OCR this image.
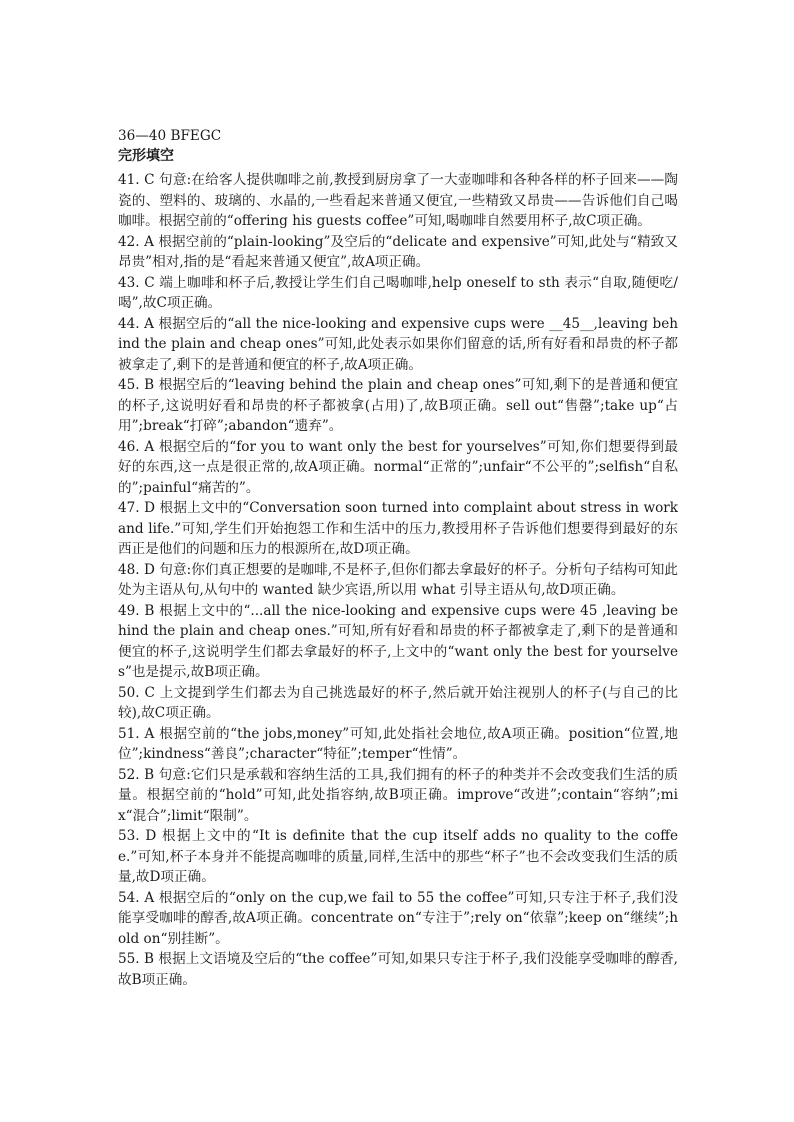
36—40 BFEGC

完形填空

41. C 句意:在给客人提供咖啡之前,教授到厨房拿了一大壶咖啡和各种各样的杯子回来——陶瓷的、塑料的、玻璃的、水晶的,一些看起来普通又便宜,一些精致又昂贵——告诉他们自己喝咖啡。根据空前的“offering his guests coffee”可知,喝咖啡自然要用杯子,故C项正确。

42. A 根据空前的“plain-looking”及空后的“delicate and expensive”可知,此处与“精致又昂贵”相对,指的是“看起来普通又便宜”,故A项正确。

43. C 端上咖啡和杯子后,教授让学生们自己喝咖啡,help oneself to sth 表示“自取,随便吃/喝”,故C项正确。

44. A 根据空后的“all the nice-looking and expensive cups were __45__,leaving behind the plain and cheap ones”可知,此处表示如果你们留意的话,所有好看和昂贵的杯子都被拿走了,剩下的是普通和便宜的杯子,故A项正确。

45. B 根据空后的“leaving behind the plain and cheap ones”可知,剩下的是普通和便宜的杯子,这说明好看和昂贵的杯子都被拿(占用)了,故B项正确。sell out“售罄”;take up“占用”;break“打碎”;abandon“遗弃”。

46. A 根据空后的“for you to want only the best for yourselves”可知,你们想要得到最好的东西,这一点是很正常的,故A项正确。normal“正常的”;unfair“不公平的”;selfish“自私的”;painful“痛苦的”。

47. D 根据上文中的“Conversation soon turned into complaint about stress in work and life.”可知,学生们开始抱怨工作和生活中的压力,教授用杯子告诉他们想要得到最好的东西正是他们的问题和压力的根源所在,故D项正确。

48. D 句意:你们真正想要的是咖啡,不是杯子,但你们都去拿最好的杯子。分析句子结构可知此处为主语从句,从句中的 wanted 缺少宾语,所以用 what 引导主语从句,故D项正确。

49. B 根据上文中的“...all the nice-looking and expensive cups were 45 ,leaving behind the plain and cheap ones.”可知,所有好看和昂贵的杯子都被拿走了,剩下的是普通和便宜的杯子,这说明学生们都去拿最好的杯子,上文中的“want only the best for yourselves”也是提示,故B项正确。

50. C 上文提到学生们都去为自己挑选最好的杯子,然后就开始注视别人的杯子(与自己的比较),故C项正确。

51. A 根据空前的“the jobs,money”可知,此处指社会地位,故A项正确。position“位置,地位”;kindness“善良”;character“特征”;temper“性情”。

52. B 句意:它们只是承载和容纳生活的工具,我们拥有的杯子的种类并不会改变我们生活的质量。根据空前的“hold”可知,此处指容纳,故B项正确。improve“改进”;contain“容纳”;mix“混合”;limit“限制”。

53. D 根据上文中的“It is definite that the cup itself adds no quality to the coffee.”可知,杯子本身并不能提高咖啡的质量,同样,生活中的那些“杯子”也不会改变我们生活的质量,故D项正确。

54. A 根据空后的“only on the cup,we fail to 55 the coffee”可知,只专注于杯子,我们没能享受咖啡的醇香,故A项正确。concentrate on“专注于”;rely on“依靠”;keep on“继续”;hold on“别挂断”。

55. B 根据上文语境及空后的“the coffee”可知,如果只专注于杯子,我们没能享受咖啡的醇香,故B项正确。
